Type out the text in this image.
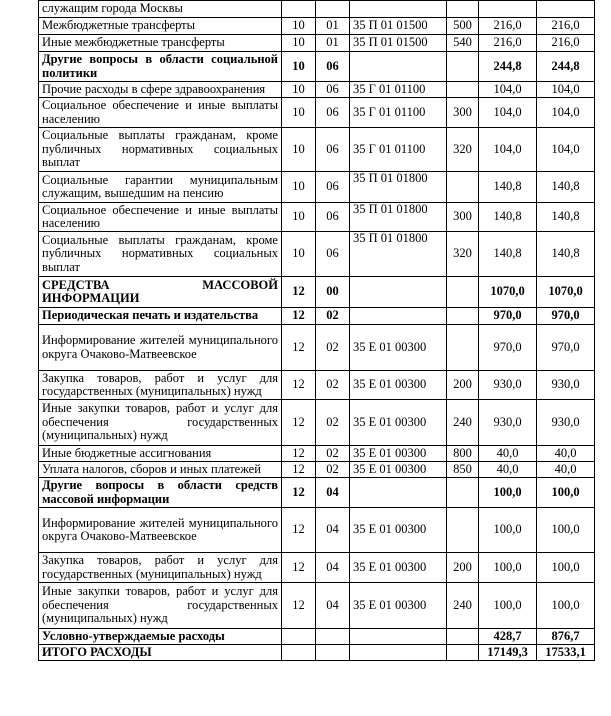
служащим города Москвы						
Межбюджетные трансферты	10	01	35 П 01 01500	500	216,0	216,0
Иные межбюджетные трансферты	10	01	35 П 01 01500	540	216,0	216,0
Другие вопросы в области социальной политики	10	06			244,8	244,8
Прочие расходы в сфере здравоохранения	10	06	35 Г 01 01100		104,0	104,0
Социальное обеспечение и иные выплаты населению	10	06	35 Г 01 01100	300	104,0	104,0
Социальные выплаты гражданам, кроме публичных нормативных социальных выплат	10	06	35 Г 01 01100	320	104,0	104,0
Социальные гарантии муниципальным служащим, вышедшим на пенсию	10	06	35 П 01 01800		140,8	140,8
Социальное обеспечение и иные выплаты населению	10	06	35 П 01 01800	300	140,8	140,8
Социальные выплаты гражданам, кроме публичных нормативных социальных выплат	10	06	35 П 01 01800	320	140,8	140,8
СРЕДСТВА МАССОВОЙ ИНФОРМАЦИИ	12	00			1070,0	1070,0
Периодическая печать и издательства	12	02			970,0	970,0
Информирование жителей муниципального округа Очаково-Матвеевское	12	02	35 Е 01 00300		970,0	970,0
Закупка товаров, работ и услуг для государственных (муниципальных) нужд	12	02	35 Е 01 00300	200	930,0	930,0
Иные закупки товаров, работ и услуг для обеспечения государственных (муниципальных) нужд	12	02	35 Е 01 00300	240	930,0	930,0
Иные бюджетные ассигнования	12	02	35 Е 01 00300	800	40,0	40,0
Уплата налогов, сборов и иных платежей	12	02	35 Е 01 00300	850	40,0	40,0
Другие вопросы в области средств массовой информации	12	04			100,0	100,0
Информирование жителей муниципального округа Очаково-Матвеевское	12	04	35 Е 01 00300		100,0	100,0
Закупка товаров, работ и услуг для государственных (муниципальных) нужд	12	04	35 Е 01 00300	200	100,0	100,0
Иные закупки товаров, работ и услуг для обеспечения государственных (муниципальных) нужд	12	04	35 Е 01 00300	240	100,0	100,0
Условно-утверждаемые расходы					428,7	876,7
ИТОГО РАСХОДЫ					17149,3	17533,1
